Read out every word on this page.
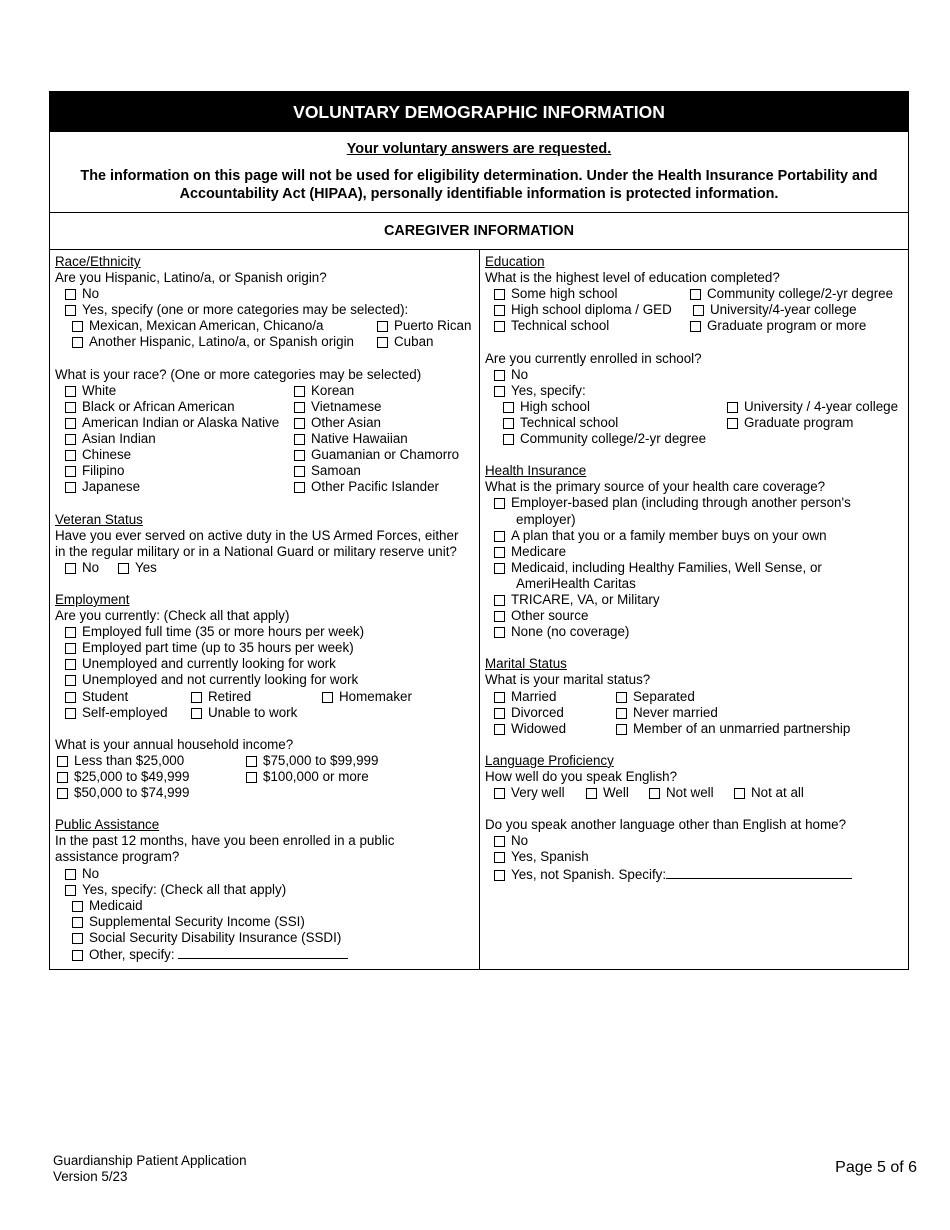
VOLUNTARY DEMOGRAPHIC INFORMATION
Your voluntary answers are requested.
The information on this page will not be used for eligibility determination. Under the Health Insurance Portability and Accountability Act (HIPAA), personally identifiable information is protected information.
CAREGIVER INFORMATION
Race/Ethnicity
Are you Hispanic, Latino/a, or Spanish origin?
No
Yes, specify (one or more categories may be selected):
Mexican, Mexican American, Chicano/a	Puerto Rican
Another Hispanic, Latino/a, or Spanish origin	Cuban
What is your race? (One or more categories may be selected)
White	Korean
Black or African American	Vietnamese
American Indian or Alaska Native	Other Asian
Asian Indian	Native Hawaiian
Chinese	Guamanian or Chamorro
Filipino	Samoan
Japanese	Other Pacific Islander
Veteran Status
Have you ever served on active duty in the US Armed Forces, either
in the regular military or in a National Guard or military reserve unit?
No	Yes
Employment
Are you currently: (Check all that apply)
Employed full time (35 or more hours per week)
Employed part time (up to 35 hours per week)
Unemployed and currently looking for work
Unemployed and not currently looking for work
Student	Retired	Homemaker
Self-employed	Unable to work
What is your annual household income?
Less than $25,000	$75,000 to $99,999
$25,000 to $49,999	$100,000 or more
$50,000 to $74,999
Public Assistance
In the past 12 months, have you been enrolled in a public
assistance program?
No
Yes, specify: (Check all that apply)
Medicaid
Supplemental Security Income (SSI)
Social Security Disability Insurance (SSDI)
Other, specify:
Education
What is the highest level of education completed?
Some high school	Community college/2-yr degree
High school diploma / GED	University/4-year college
Technical school	Graduate program or more
Are you currently enrolled in school?
No
Yes, specify:
High school	University / 4-year college
Technical school	Graduate program
Community college/2-yr degree
Health Insurance
What is the primary source of your health care coverage?
Employer-based plan (including through another person's
employer)
A plan that you or a family member buys on your own
Medicare
Medicaid, including Healthy Families, Well Sense, or
AmeriHealth Caritas
TRICARE, VA, or Military
Other source
None (no coverage)
Marital Status
What is your marital status?
Married	Separated
Divorced	Never married
Widowed	Member of an unmarried partnership
Language Proficiency
How well do you speak English?
Very well	Well	Not well	Not at all
Do you speak another language other than English at home?
No
Yes, Spanish
Yes, not Spanish. Specify:
Guardianship Patient Application
Version 5/23
Page 5 of 6
